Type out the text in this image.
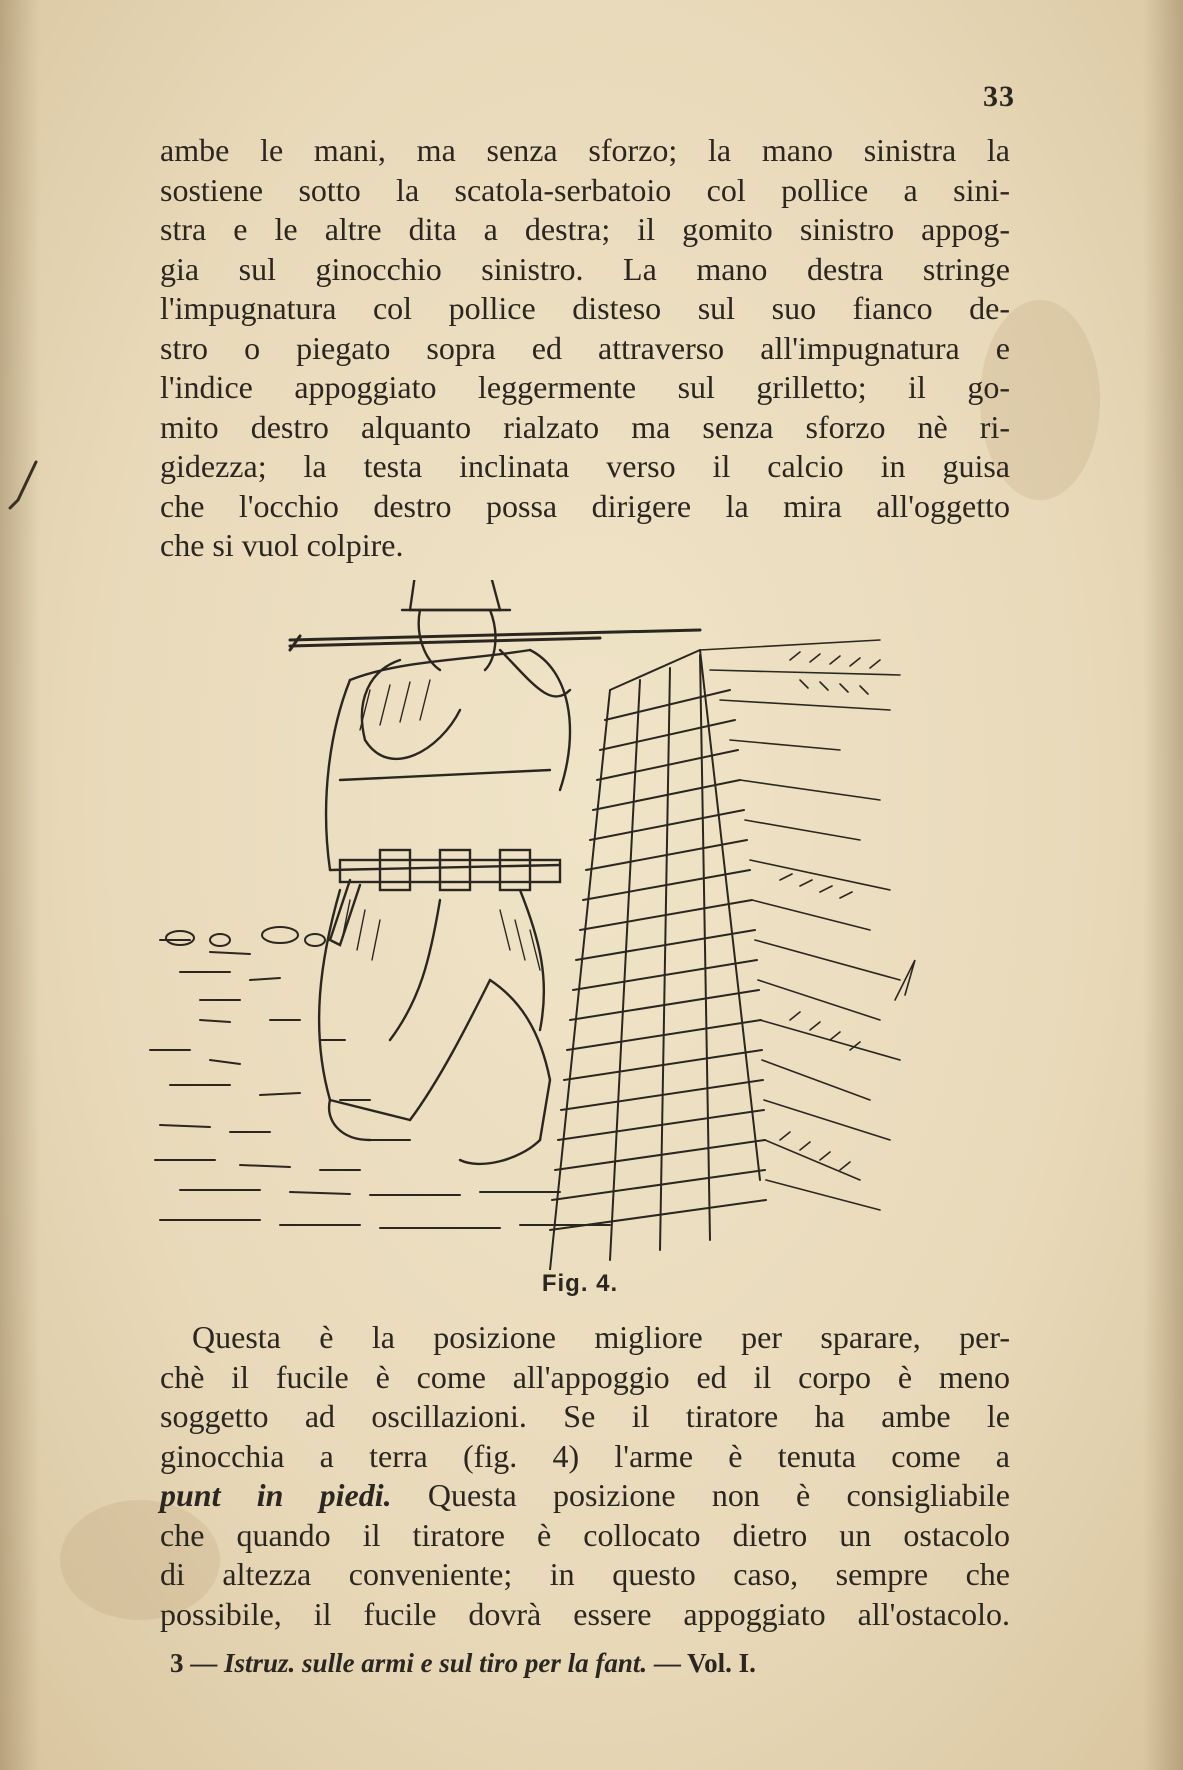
33
ambe le mani, ma senza sforzo; la mano sinistra la
sostiene sotto la scatola-serbatoio col pollice a sini-
stra e le altre dita a destra; il gomito sinistro appog-
gia sul ginocchio sinistro. La mano destra stringe
l'impugnatura col pollice disteso sul suo fianco de-
stro o piegato sopra ed attraverso all'impugnatura e
l'indice appoggiato leggermente sul grilletto; il go-
mito destro alquanto rialzato ma senza sforzo nè ri-
gidezza; la testa inclinata verso il calcio in guisa
che l'occhio destro possa dirigere la mira all'oggetto
che si vuol colpire.
Fig. 4.
Questa è la posizione migliore per sparare, per-
chè il fucile è come all'appoggio ed il corpo è meno
soggetto ad oscillazioni. Se il tiratore ha ambe le
ginocchia a terra (fig. 4) l'arme è tenuta come a
punt in piedi. Questa posizione non è consigliabile
che quando il tiratore è collocato dietro un ostacolo
di altezza conveniente; in questo caso, sempre che
possibile, il fucile dovrà essere appoggiato all'ostacolo.
3 — Istruz. sulle armi e sul tiro per la fant. — Vol. I.
